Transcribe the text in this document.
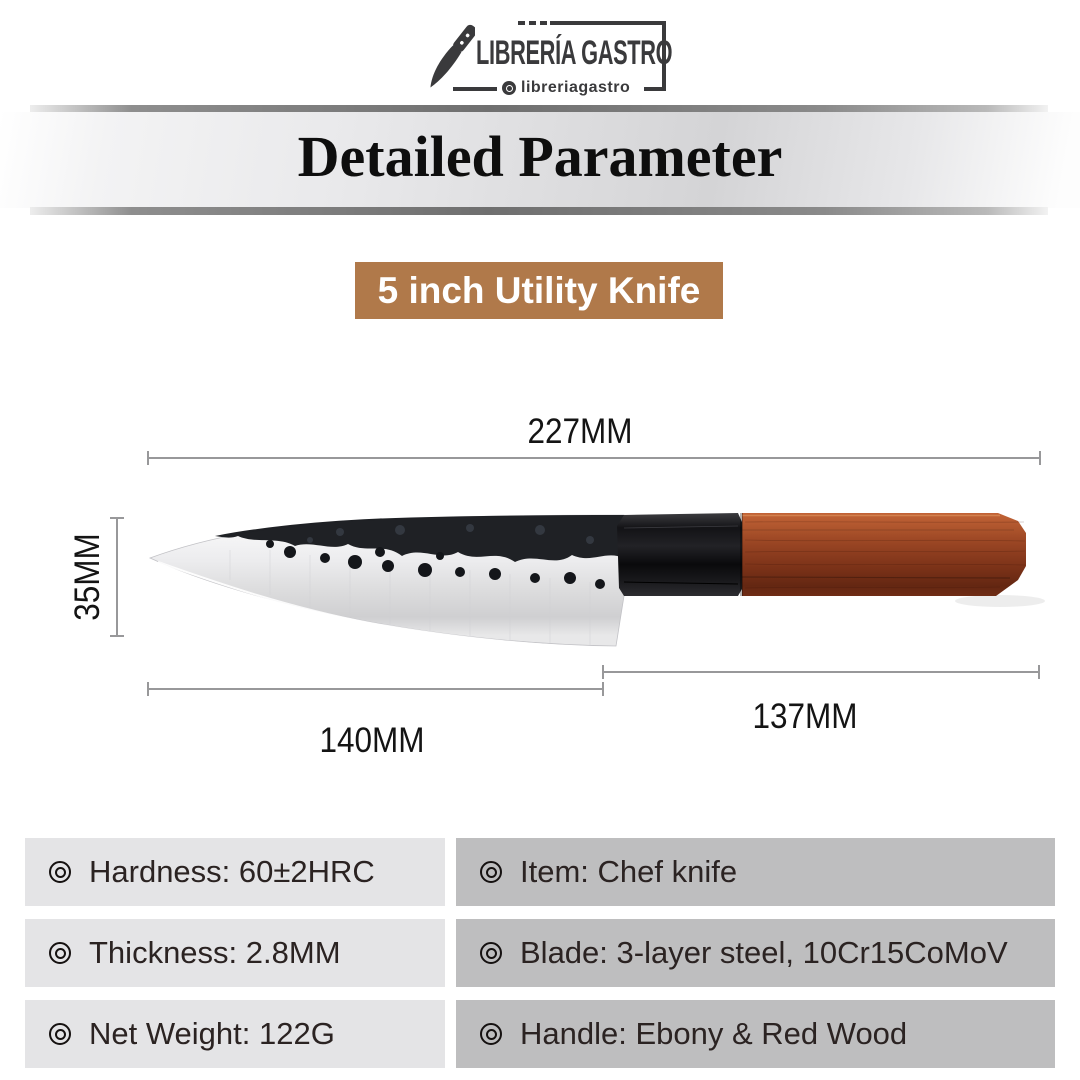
LIBRERÍA GASTRO
libreriagastro
Detailed Parameter
5 inch Utility Knife
227MM
35MM
137MM
140MM
Hardness: 60±2HRC	Item: Chef knife
Thickness: 2.8MM	Blade: 3-layer steel, 10Cr15CoMoV
Net Weight: 122G	Handle: Ebony & Red Wood
